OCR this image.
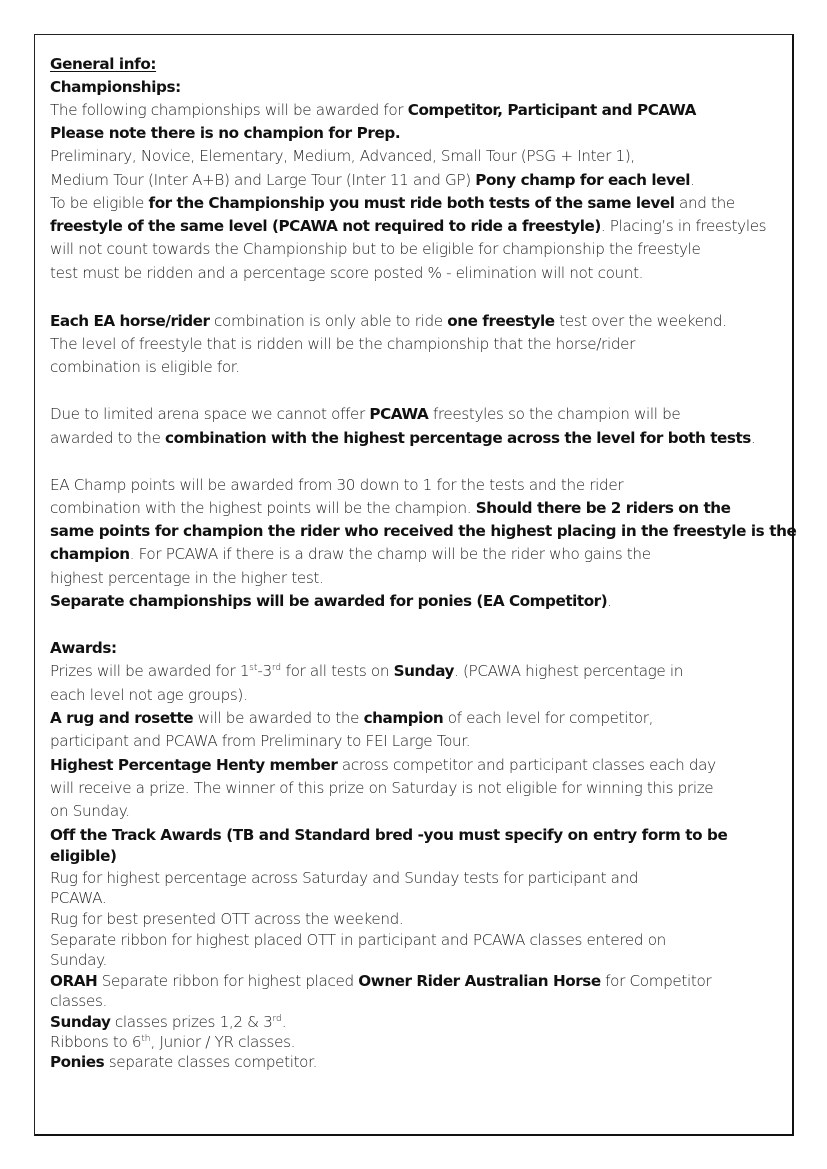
General info:
Championships:
The following championships will be awarded for Competitor, Participant and PCAWA
Please note there is no champion for Prep.
Preliminary, Novice, Elementary, Medium, Advanced, Small Tour (PSG + Inter 1),
Medium Tour (Inter A+B) and Large Tour (Inter 11 and GP) Pony champ for each level.
To be eligible for the Championship you must ride both tests of the same level and the
freestyle of the same level (PCAWA not required to ride a freestyle). Placing’s in freestyles
will not count towards the Championship but to be eligible for championship the freestyle
test must be ridden and a percentage score posted % - elimination will not count.
Each EA horse/rider combination is only able to ride one freestyle test over the weekend.
The level of freestyle that is ridden will be the championship that the horse/rider
combination is eligible for.
Due to limited arena space we cannot offer PCAWA freestyles so the champion will be
awarded to the combination with the highest percentage across the level for both tests.
EA Champ points will be awarded from 30 down to 1 for the tests and the rider
combination with the highest points will be the champion. Should there be 2 riders on the
same points for champion the rider who received the highest placing in the freestyle is the
champion. For PCAWA if there is a draw the champ will be the rider who gains the
highest percentage in the higher test.
Separate championships will be awarded for ponies (EA Competitor).
Awards:
Prizes will be awarded for 1st-3rd for all tests on Sunday. (PCAWA highest percentage in
each level not age groups).
A rug and rosette will be awarded to the champion of each level for competitor,
participant and PCAWA from Preliminary to FEI Large Tour.
Highest Percentage Henty member across competitor and participant classes each day
will receive a prize. The winner of this prize on Saturday is not eligible for winning this prize
on Sunday.
Off the Track Awards (TB and Standard bred -you must specify on entry form to be
eligible)
Rug for highest percentage across Saturday and Sunday tests for participant and
PCAWA.
Rug for best presented OTT across the weekend.
Separate ribbon for highest placed OTT in participant and PCAWA classes entered on
Sunday.
ORAH Separate ribbon for highest placed Owner Rider Australian Horse for Competitor
classes.
Sunday classes prizes 1,2 & 3rd.
Ribbons to 6th, Junior / YR classes.
Ponies separate classes competitor.
